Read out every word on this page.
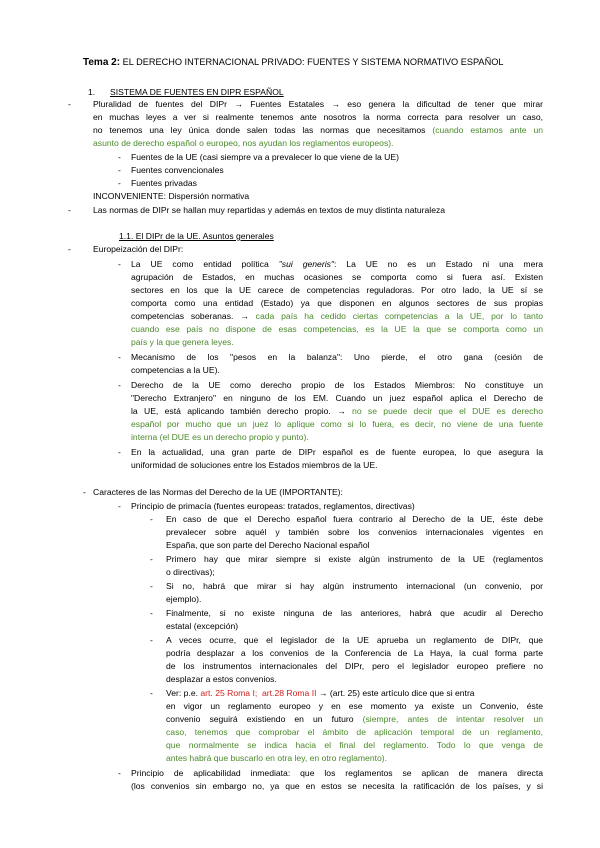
Tema 2: EL DERECHO INTERNACIONAL PRIVADO: FUENTES Y SISTEMA NORMATIVO ESPAÑOL
1. SISTEMA DE FUENTES EN DIPR ESPAÑOL
-	Pluralidad de fuentes del DIPr → Fuentes Estatales → eso genera la dificultad de tener que mirar
en muchas leyes a ver si realmente tenemos ante nosotros la norma correcta para resolver un caso,
no tenemos una ley única donde salen todas las normas que necesitamos (cuando estamos ante un
asunto de derecho español o europeo, nos ayudan los reglamentos europeos).
- Fuentes de la UE (casi siempre va a prevalecer lo que viene de la UE)
- Fuentes convencionales
- Fuentes privadas
INCONVENIENTE: Dispersión normativa
-	Las normas de DIPr se hallan muy repartidas y además en textos de muy distinta naturaleza
1.1. El DIPr de la UE. Asuntos generales
-	Europeización del DIPr:
- La UE como entidad política "sui generis": La UE no es un Estado ni una mera
agrupación de Estados, en muchas ocasiones se comporta como si fuera así. Existen
sectores en los que la UE carece de competencias reguladoras. Por otro lado, la UE sí se
comporta como una entidad (Estado) ya que disponen en algunos sectores de sus propias
competencias soberanas. → cada país ha cedido ciertas competencias a la UE, por lo tanto
cuando ese país no dispone de esas competencias, es la UE la que se comporta como un
país y la que genera leyes.
- Mecanismo de los "pesos en la balanza": Uno pierde, el otro gana (cesión de
competencias a la UE).
- Derecho de la UE como derecho propio de los Estados Miembros: No constituye un
"Derecho Extranjero" en ninguno de los EM. Cuando un juez español aplica el Derecho de
la UE, está aplicando también derecho propio. → no se puede decir que el DUE es derecho
español por mucho que un juez lo aplique como si lo fuera, es decir, no viene de una fuente
interna (el DUE es un derecho propio y punto).
- En la actualidad, una gran parte de DIPr español es de fuente europea, lo que asegura la
uniformidad de soluciones entre los Estados miembros de la UE.
- Caracteres de las Normas del Derecho de la UE (IMPORTANTE):
- Principio de primacía (fuentes europeas: tratados, reglamentos, directivas)
- En caso de que el Derecho español fuera contrario al Derecho de la UE, éste debe
prevalecer sobre aquél y también sobre los convenios internacionales vigentes en
España, que son parte del Derecho Nacional español
- Primero hay que mirar siempre si existe algún instrumento de la UE (reglamentos
o directivas);
- Si no, habrá que mirar si hay algún instrumento internacional (un convenio, por
ejemplo).
- Finalmente, si no existe ninguna de las anteriores, habrá que acudir al Derecho
estatal (excepción)
- A veces ocurre, que el legislador de la UE aprueba un reglamento de DIPr, que
podría desplazar a los convenios de la Conferencia de La Haya, la cual forma parte
de los instrumentos internacionales del DIPr, pero el legislador europeo prefiere no
desplazar a estos convenios.
- Ver: p.e. art. 25 Roma I; art.28 Roma II → (art. 25) este artículo dice que si entra
en vigor un reglamento europeo y en ese momento ya existe un Convenio, éste
convenio seguirá existiendo en un futuro (siempre, antes de intentar resolver un
caso, tenemos que comprobar el ámbito de aplicación temporal de un reglamento,
que normalmente se indica hacia el final del reglamento. Todo lo que venga de
antes habrá que buscarlo en otra ley, en otro reglamento).
- Principio de aplicabilidad inmediata: que los reglamentos se aplican de manera directa
(los convenios sin embargo no, ya que en estos se necesita la ratificación de los países, y si
